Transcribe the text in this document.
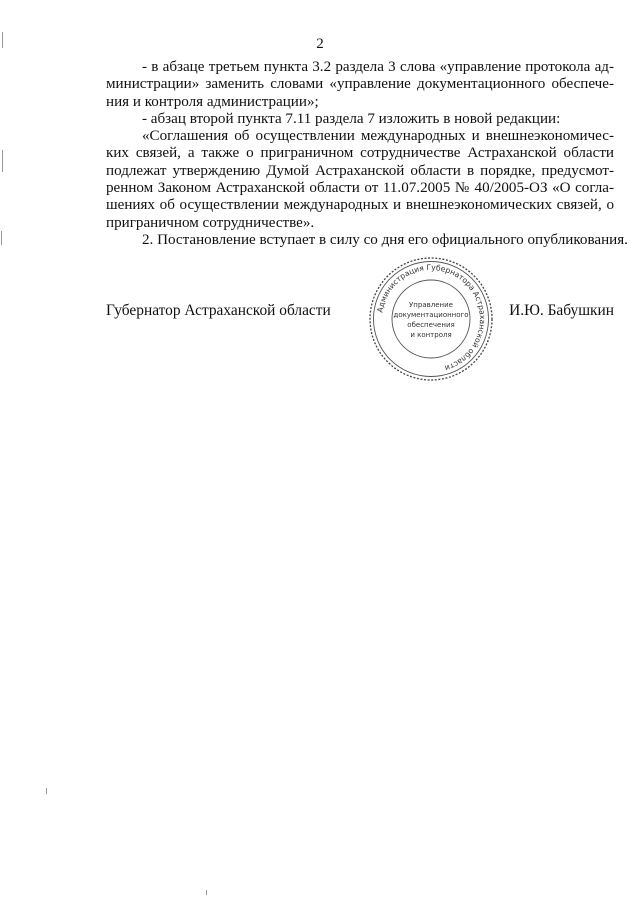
2
- в абзаце третьем пункта 3.2 раздела 3 слова «управление протокола ад-
министрации» заменить словами «управление документационного обеспече-
ния и контроля администрации»;
- абзац второй пункта 7.11 раздела 7 изложить в новой редакции:
«Соглашения об осуществлении международных и внешнеэкономичес-
ких связей, а также о приграничном сотрудничестве Астраханской области
подлежат утверждению Думой Астраханской области в порядке, предусмот-
ренном Законом Астраханской области от 11.07.2005 № 40/2005-ОЗ «О согла-
шениях об осуществлении международных и внешнеэкономических связей, о
приграничном сотрудничестве».
2. Постановление вступает в силу со дня его официального опубликования.
Губернатор Астраханской области	И.Ю. Бабушкин
Администрация Губернатора Астраханской области
Управление
документационного
обеспечения
и контроля
